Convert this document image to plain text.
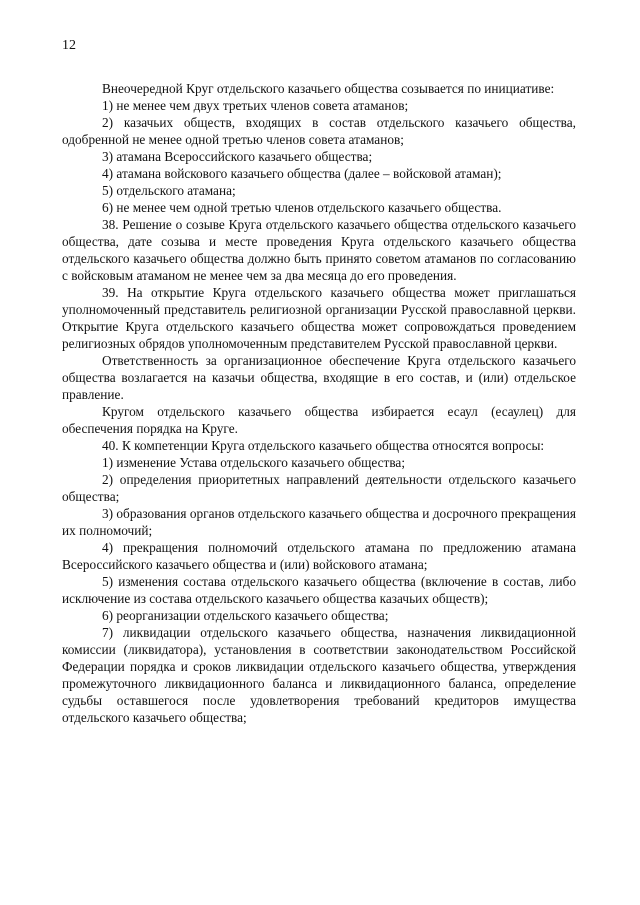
12

Внеочередной Круг отдельского казачьего общества созывается по инициативе:

1) не менее чем двух третьих членов совета атаманов;

2) казачьих обществ, входящих в состав отдельского казачьего общества, одобренной не менее одной третью членов совета атаманов;

3) атамана Всероссийского казачьего общества;

4) атамана войскового казачьего общества (далее – войсковой атаман);

5) отдельского атамана;

6) не менее чем одной третью членов отдельского казачьего общества.

38. Решение о созыве Круга отдельского казачьего общества отдельского казачьего общества, дате созыва и месте проведения Круга отдельского казачьего общества отдельского казачьего общества должно быть принято советом атаманов по согласованию с войсковым атаманом не менее чем за два месяца до его проведения.

39. На открытие Круга отдельского казачьего общества может приглашаться уполномоченный представитель религиозной организации Русской православной церкви. Открытие Круга отдельского казачьего общества может сопровождаться проведением религиозных обрядов уполномоченным представителем Русской православной церкви.

Ответственность за организационное обеспечение Круга отдельского казачьего общества возлагается на казачьи общества, входящие в его состав, и (или) отдельское правление.

Кругом отдельского казачьего общества избирается есаул (есаулец) для обеспечения порядка на Круге.

40. К компетенции Круга отдельского казачьего общества относятся вопросы:

1) изменение Устава отдельского казачьего общества;

2) определения приоритетных направлений деятельности отдельского казачьего общества;

3) образования органов отдельского казачьего общества и досрочного прекращения их полномочий;

4) прекращения полномочий отдельского атамана по предложению атамана Всероссийского казачьего общества и (или) войскового атамана;

5) изменения состава отдельского казачьего общества (включение в состав, либо исключение из состава отдельского казачьего общества казачьих обществ);

6) реорганизации отдельского казачьего общества;

7) ликвидации отдельского казачьего общества, назначения ликвидационной комиссии (ликвидатора), установления в соответствии законодательством Российской Федерации порядка и сроков ликвидации отдельского казачьего общества, утверждения промежуточного ликвидационного баланса и ликвидационного баланса, определение судьбы оставшегося после удовлетворения требований кредиторов имущества отдельского казачьего общества;
